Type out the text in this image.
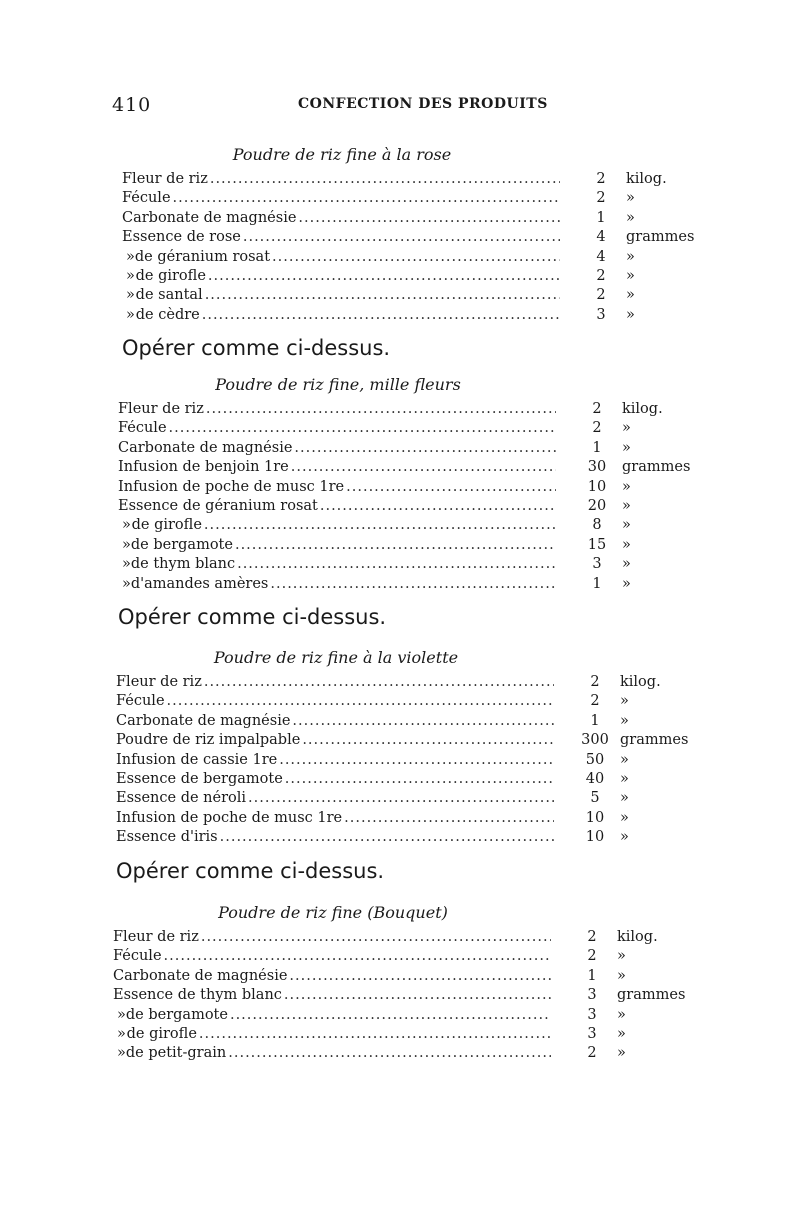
410	CONFECTION DES PRODUITS
Poudre de riz fine à la rose
Fleur de riz .....	2	kilog.
Fécule .....	2	»
Carbonate de magnésie .....	1	»
Essence de rose .....	4	grammes
» de géranium rosat .....	4	»
» de girofle .....	2	»
» de santal .....	2	»
» de cèdre .....	3	»
Opérer comme ci-dessus.
Poudre de riz fine, mille fleurs
Fleur de riz .....	2	kilog.
Fécule .....	2	»
Carbonate de magnésie .....	1	»
Infusion de benjoin 1re .....	30	grammes
Infusion de poche de musc 1re .....	10	»
Essence de géranium rosat .....	20	»
» de girofle .....	8	»
» de bergamote .....	15	»
» de thym blanc .....	3	»
» d'amandes amères .....	1	»
Opérer comme ci-dessus.
Poudre de riz fine à la violette
Fleur de riz .....	2	kilog.
Fécule .....	2	»
Carbonate de magnésie .....	1	»
Poudre de riz impalpable .....	300 grammes
Infusion de cassie 1re .....	50	»
Essence de bergamote .....	40	»
Essence de néroli .....	5	»
Infusion de poche de musc 1re .....	10	»
Essence d'iris .....	10	»
Opérer comme ci-dessus.
Poudre de riz fine (Bouquet)
Fleur de riz .....	2	kilog.
Fécule .....	2	»
Carbonate de magnésie .....	1	»
Essence de thym blanc .....	3	grammes
» de bergamote .....	3	»
» de girofle .....	3	»
» de petit-grain .....	2	»
